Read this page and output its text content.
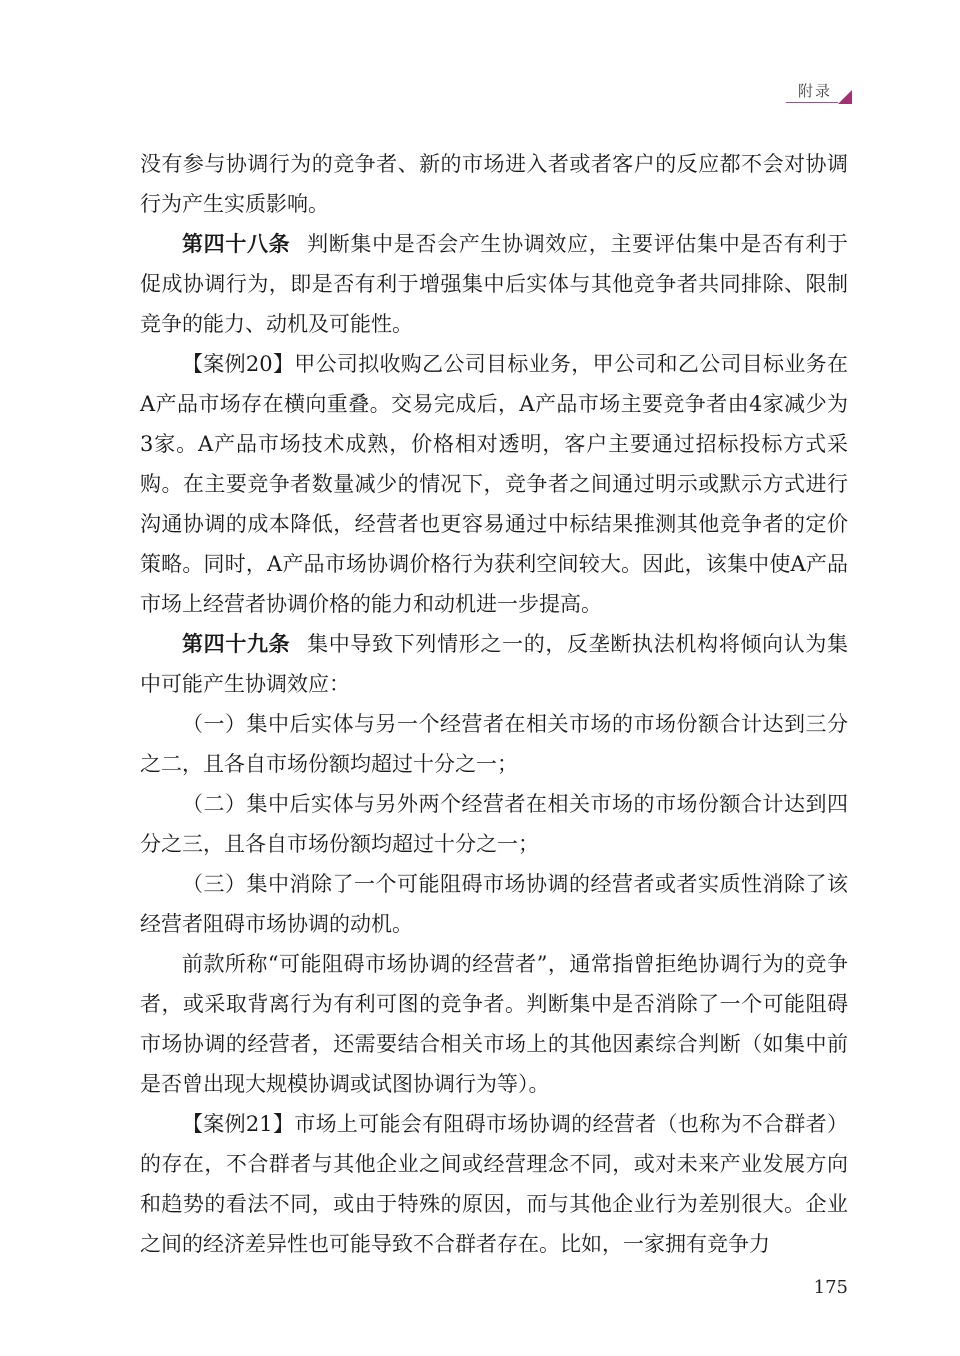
附录

没有参与协调行为的竞争者、新的市场进入者或者客户的反应都不会对协调行为产生实质影响。

第四十八条 判断集中是否会产生协调效应，主要评估集中是否有利于促成协调行为，即是否有利于增强集中后实体与其他竞争者共同排除、限制竞争的能力、动机及可能性。

【案例20】甲公司拟收购乙公司目标业务，甲公司和乙公司目标业务在A产品市场存在横向重叠。交易完成后，A产品市场主要竞争者由4家减少为3家。A产品市场技术成熟，价格相对透明，客户主要通过招标投标方式采购。在主要竞争者数量减少的情况下，竞争者之间通过明示或默示方式进行沟通协调的成本降低，经营者也更容易通过中标结果推测其他竞争者的定价策略。同时，A产品市场协调价格行为获利空间较大。因此，该集中使A产品市场上经营者协调价格的能力和动机进一步提高。

第四十九条 集中导致下列情形之一的，反垄断执法机构将倾向认为集中可能产生协调效应：

（一）集中后实体与另一个经营者在相关市场的市场份额合计达到三分之二，且各自市场份额均超过十分之一；

（二）集中后实体与另外两个经营者在相关市场的市场份额合计达到四分之三，且各自市场份额均超过十分之一；

（三）集中消除了一个可能阻碍市场协调的经营者或者实质性消除了该经营者阻碍市场协调的动机。

前款所称“可能阻碍市场协调的经营者”，通常指曾拒绝协调行为的竞争者，或采取背离行为有利可图的竞争者。判断集中是否消除了一个可能阻碍市场协调的经营者，还需要结合相关市场上的其他因素综合判断（如集中前是否曾出现大规模协调或试图协调行为等）。

【案例21】市场上可能会有阻碍市场协调的经营者（也称为不合群者）的存在，不合群者与其他企业之间或经营理念不同，或对未来产业发展方向和趋势的看法不同，或由于特殊的原因，而与其他企业行为差别很大。企业之间的经济差异性也可能导致不合群者存在。比如，一家拥有竞争力

175
